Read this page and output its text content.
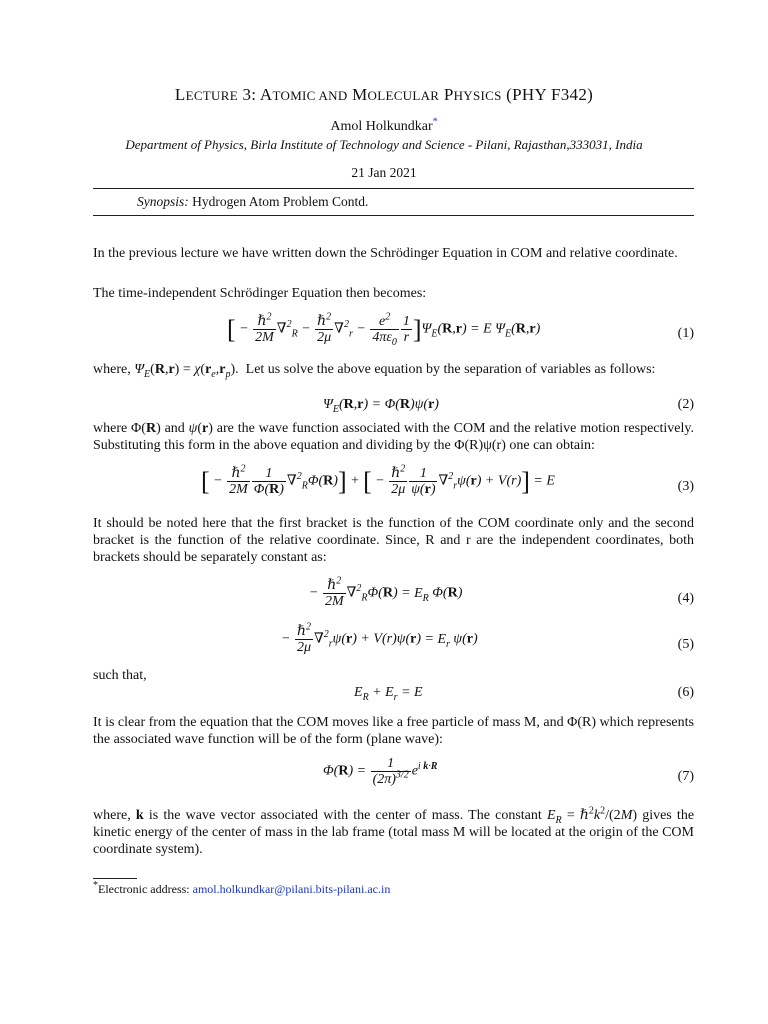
LECTURE 3: ATOMIC AND MOLECULAR PHYSICS (PHY F342)
Amol Holkundkar*
Department of Physics, Birla Institute of Technology and Science - Pilani, Rajasthan,333031, India
21 Jan 2021
Synopsis: Hydrogen Atom Problem Contd.
In the previous lecture we have written down the Schrödinger Equation in COM and relative coordinate.
The time-independent Schrödinger Equation then becomes:
[ − $\frac{\hbar^2}{2M} \nabla^2_R - \frac{\hbar^2}{2\mu} \nabla^2_r - \frac{e^2}{4\pi\varepsilon_0} \frac{1}{r} ]\Psi_E(R,r) = E$ $\Psi_E(R,r)$	(1)
where, $\Psi_E(R,r) = \chi(r_e,r_p)$.  Let us solve the above equation by the separation of variables as follows:
$\Psi_E(R,r) = \Phi(R)\psi(r)$	(2)
where Φ(R) and ψ(r) are the wave function associated with the COM and the relative motion respectively. Substituting this form in the above equation and dividing by the Φ(R)ψ(r) one can obtain:
[ − $\frac{\hbar^2}{2M} \frac{1}{\Phi(R)} \nabla^2_R\Phi(R)$] + [ − $\frac{\hbar^2}{2\mu} \frac{1}{\psi(r)} \nabla^2_r\psi(r) + V(r)] = E$	(3)
It should be noted here that the first bracket is the function of the COM coordinate only and the second bracket is the function of the relative coordinate. Since, R and r are the independent coordinates, both brackets should be separately constant as:
− $\frac{\hbar^2}{2M} \nabla^2_R\Phi(R) = E_R$ Φ(R)	(4)
− $\frac{\hbar^2}{2\mu} \nabla^2_r\psi(r) + V(r)\psi(r) = E_r$ ψ(r)	(5)
such that,
$E_R + E_r = E$	(6)
It is clear from the equation that the COM moves like a free particle of mass M, and Φ(R) which represents the associated wave function will be of the form (plane wave):
$\Phi(R) = \frac{1}{(2\pi)^{3/2}} e^{i k\cdot R}$
(7)
where, k is the wave vector associated with the center of mass. The constant $E_R$ = $\hbar^2k^2/(2M)$ gives the kinetic energy of the center of mass in the lab frame (total mass M will be located at the origin of the COM coordinate system).
*Electronic address: amol.holkundkar@pilani.bits-pilani.ac.in
